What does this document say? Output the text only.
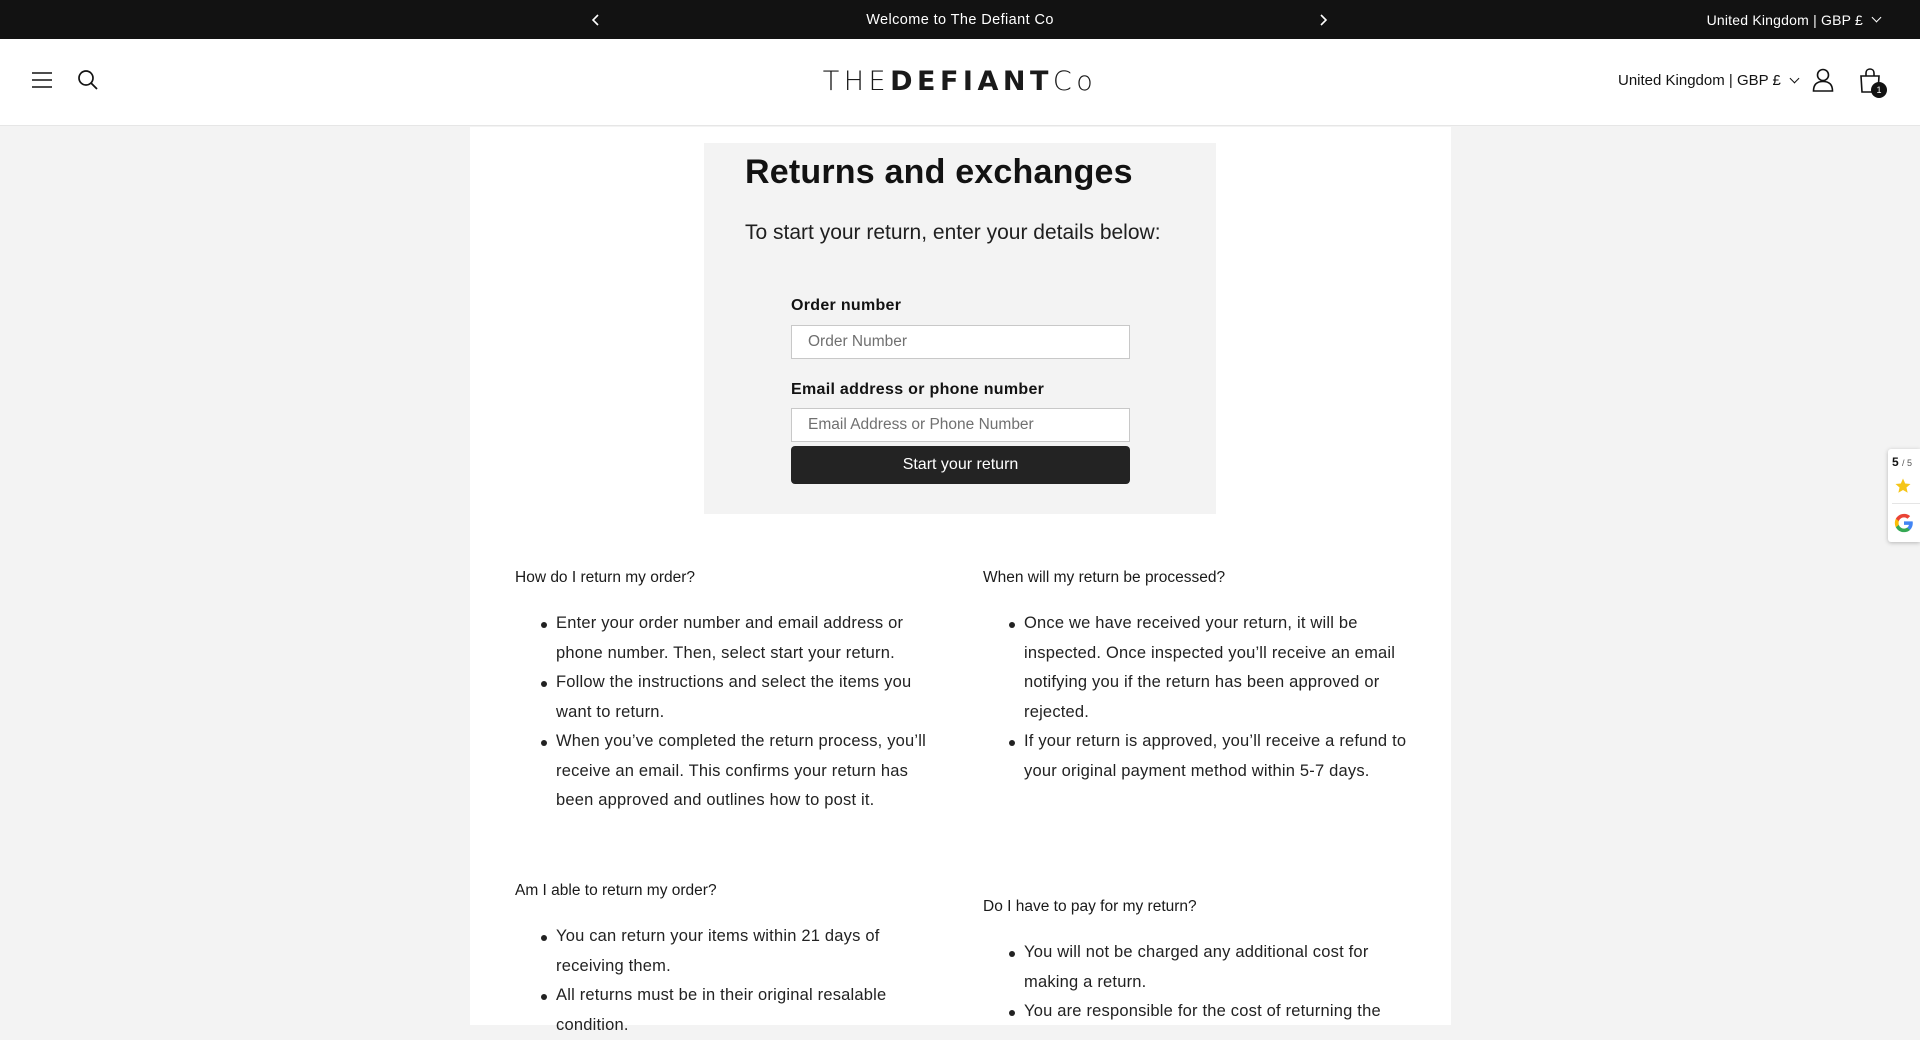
Welcome to The Defiant Co	United Kingdom | GBP £
THE DEFIANT Co	United Kingdom | GBP £
1
Returns and exchanges

To start your return, enter your details below:

Order number
Order Number
Email address or phone number
Email Address or Phone Number
Start your return

How do I return my order?

Enter your order number and email address or phone number. Then, select start your return.
Follow the instructions and select the items you want to return.
When you’ve completed the return process, you’ll receive an email. This confirms your return has been approved and outlines how to post it.

When will my return be processed?

Once we have received your return, it will be inspected. Once inspected you’ll receive an email notifying you if the return has been approved or rejected.
If your return is approved, you’ll receive a refund to your original payment method within 5-7 days.

Am I able to return my order?

You can return your items within 21 days of receiving them.
All returns must be in their original resalable condition.

Do I have to pay for my return?

You will not be charged any additional cost for making a return.
You are responsible for the cost of returning the
5 / 5
